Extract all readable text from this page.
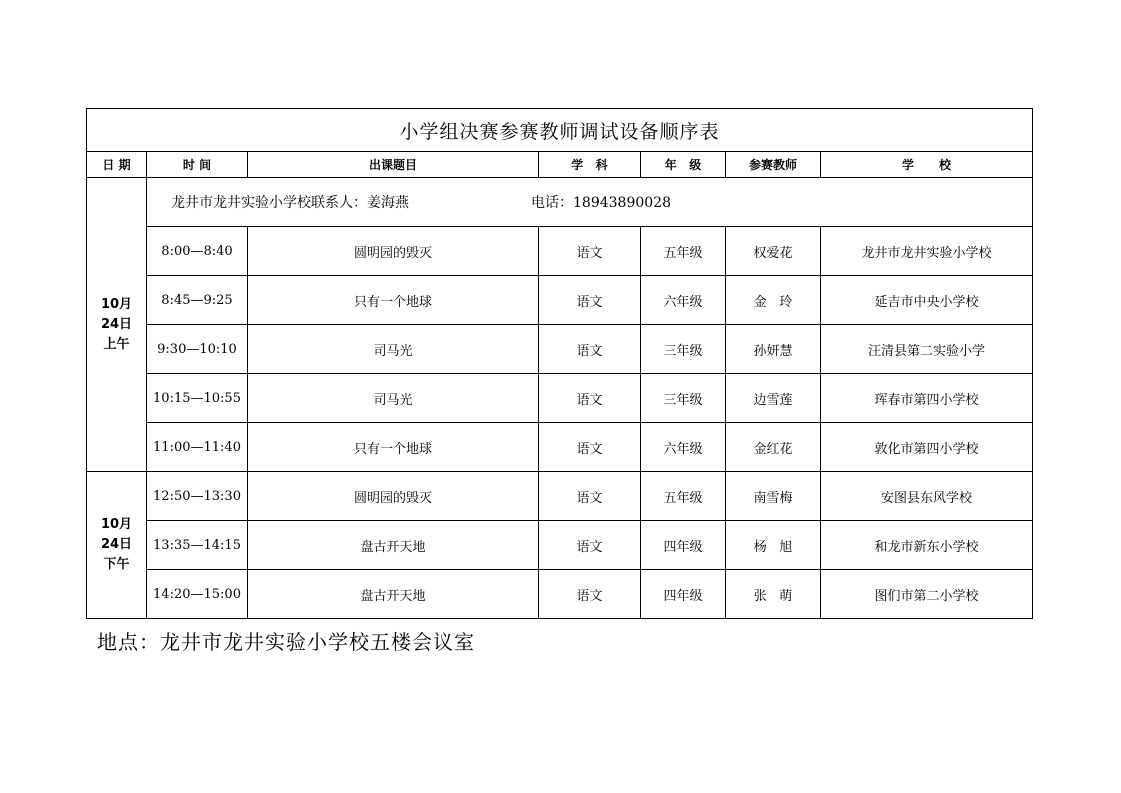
小学组决赛参赛教师调试设备顺序表						
日 期	时 间	出课题目	学   科	年   级	参赛教师	学      校

10月
24日
上午	龙井市龙井实验小学校联系人：姜海燕 电话：18943890028					
	8:00—8:40	圆明园的毁灭	语文	五年级	权爱花	龙井市龙井实验小学校
	8:45—9:25	只有一个地球	语文	六年级	金   玲	延吉市中央小学校
	9:30—10:10	司马光	语文	三年级	孙妍慧	汪清县第二实验小学
	10:15—10:55	司马光	语文	三年级	边雪莲	珲春市第四小学校
	11:00—11:40	只有一个地球	语文	六年级	金红花	敦化市第四小学校

10月
24日
下午	12:50—13:30	圆明园的毁灭	语文	五年级	南雪梅	安图县东风学校
	13:35—14:15	盘古开天地	语文	四年级	杨   旭	和龙市新东小学校
	14:20—15:00	盘古开天地	语文	四年级	张   萌	图们市第二小学校
地点：龙井市龙井实验小学校五楼会议室
